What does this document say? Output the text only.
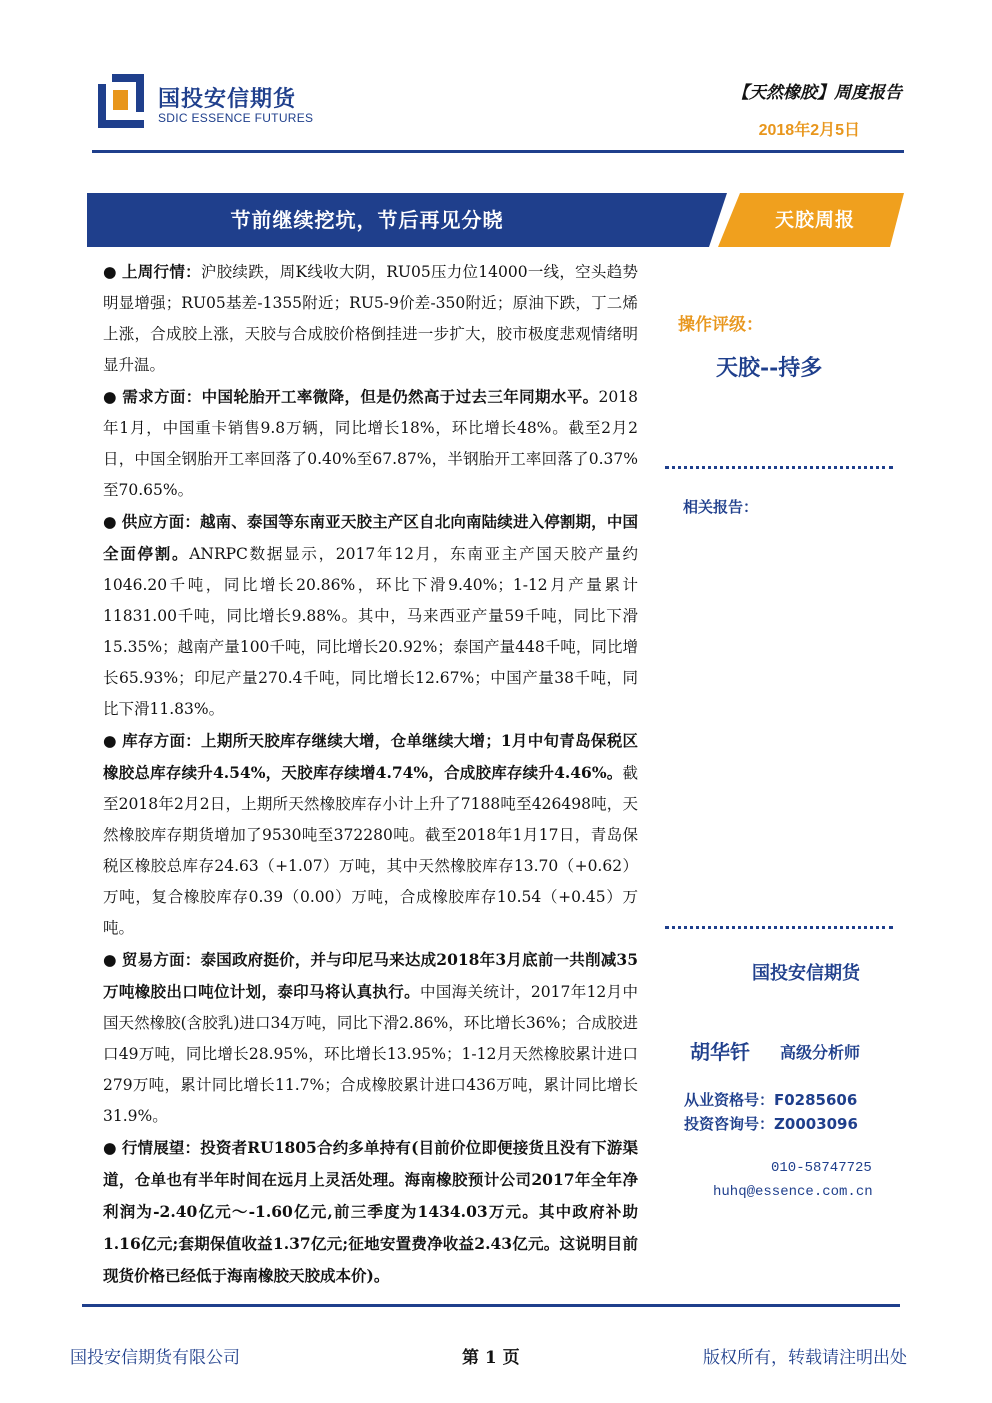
国投安信期货
SDIC ESSENCE FUTURES
【天然橡胶】周度报告
2018年2月5日
节前继续挖坑，节后再见分晓	天胶周报

● 上周行情：沪胶续跌，周K线收大阴，RU05压力位14000一线，空头趋势明显增强；RU05基差-1355附近；RU5-9价差-350附近；原油下跌，丁二烯上涨，合成胶上涨，天胶与合成胶价格倒挂进一步扩大，胶市极度悲观情绪明显升温。

● 需求方面：中国轮胎开工率微降，但是仍然高于过去三年同期水平。2018年1月，中国重卡销售9.8万辆，同比增长18%，环比增长48%。截至2月2日，中国全钢胎开工率回落了0.40%至67.87%，半钢胎开工率回落了0.37%至70.65%。

● 供应方面：越南、泰国等东南亚天胶主产区自北向南陆续进入停割期，中国全面停割。ANRPC数据显示，2017年12月，东南亚主产国天胶产量约1046.20千吨，同比增长20.86%，环比下滑9.40%；1-12月产量累计11831.00千吨，同比增长9.88%。其中，马来西亚产量59千吨，同比下滑15.35%；越南产量100千吨，同比增长20.92%；泰国产量448千吨，同比增长65.93%；印尼产量270.4千吨，同比增长12.67%；中国产量38千吨，同比下滑11.83%。

● 库存方面：上期所天胶库存继续大增，仓单继续大增；1月中旬青岛保税区橡胶总库存续升4.54%，天胶库存续增4.74%，合成胶库存续升4.46%。截至2018年2月2日，上期所天然橡胶库存小计上升了7188吨至426498吨，天然橡胶库存期货增加了9530吨至372280吨。截至2018年1月17日，青岛保税区橡胶总库存24.63（+1.07）万吨，其中天然橡胶库存13.70（+0.62）万吨，复合橡胶库存0.39（0.00）万吨，合成橡胶库存10.54（+0.45）万吨。

● 贸易方面：泰国政府挺价，并与印尼马来达成2018年3月底前一共削减35万吨橡胶出口吨位计划，泰印马将认真执行。中国海关统计，2017年12月中国天然橡胶(含胶乳)进口34万吨，同比下滑2.86%，环比增长36%；合成胶进口49万吨，同比增长28.95%，环比增长13.95%；1-12月天然橡胶累计进口279万吨，累计同比增长11.7%；合成橡胶累计进口436万吨，累计同比增长31.9%。

● 行情展望：投资者RU1805合约多单持有(目前价位即便接货且没有下游渠道，仓单也有半年时间在远月上灵活处理。海南橡胶预计公司2017年全年净利润为-2.40亿元～-1.60亿元,前三季度为1434.03万元。其中政府补助1.16亿元;套期保值收益1.37亿元;征地安置费净收益2.43亿元。这说明目前现货价格已经低于海南橡胶天胶成本价)。

操作评级：
天胶--持多
相关报告：
国投安信期货
胡华钎 高级分析师
从业资格号：F0285606
投资咨询号：Z0003096
010-58747725
huhq@essence.com.cn
国投安信期货有限公司	第 1 页	版权所有，转载请注明出处
